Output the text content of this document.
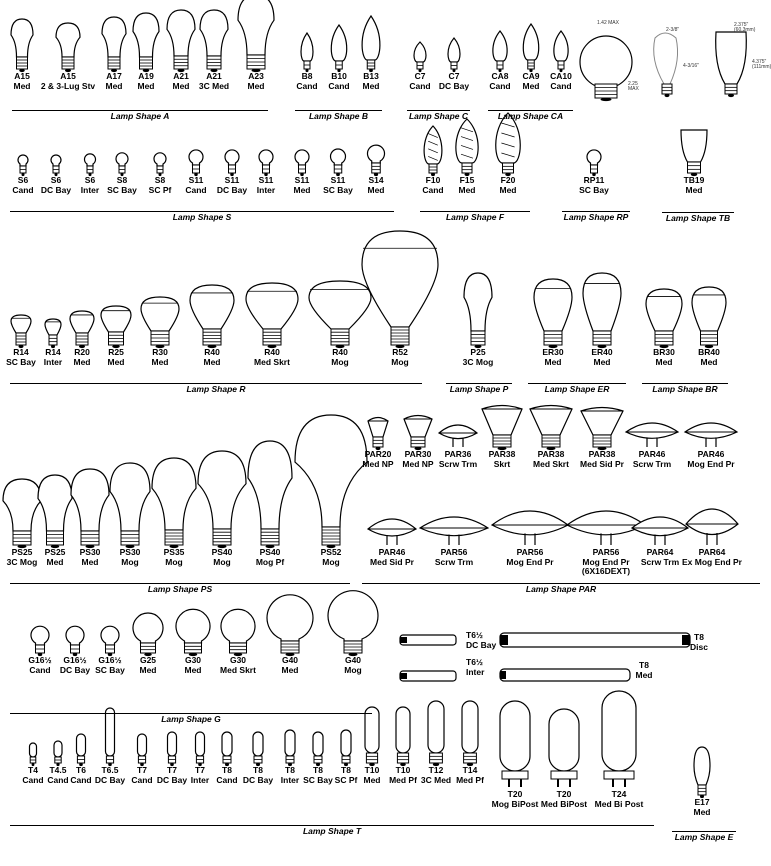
A15
Med
A15
2 & 3-Lug Stv
A17
Med
A19
Med
A21
Med
A21
3C Med
A23
Med
B8
Cand
B10
Cand
B13
Med
C7
Cand
C7
DC Bay
CA8
Cand
CA9
Med
CA10
Cand
S6
Cand
S6
DC Bay
S6
Inter
S8
SC Bay
S8
SC Pf
S11
Cand
S11
DC Bay
S11
Inter
S11
Med
S11
SC Bay
S14
Med
F10
Cand
F15
Med
F20
Med
RP11
SC Bay
TB19
Med
R14
SC Bay
R14
Inter
R20
Med
R25
Med
R30
Med
R40
Med
R40
Med Skrt
R40
Mog
R52
Mog
P25
3C Mog
ER30
Med
ER40
Med
BR30
Med
BR40
Med
PS25
3C Mog
PS25
Med
PS30
Med
PS30
Mog
PS35
Mog
PS40
Mog
PS40
Mog Pf
PS52
Mog
PAR20
Med NP
PAR30
Med NP
PAR36
Scrw Trm
PAR38
Skrt
PAR38
Med Skrt
PAR38
Med Sid Pr
PAR46
Scrw Trm
PAR46
Mog End Pr
PAR46
Med Sid Pr
PAR56
Scrw Trm
PAR56
Mog End Pr
PAR56
Mog End Pr
(6X16DEXT)
PAR64
Scrw Trm
PAR64
Ex Mog End Pr
G16½
Cand
G16½
DC Bay
G16½
SC Bay
G25
Med
G30
Med
G30
Med Skrt
G40
Med
G40
Mog
T6½
DC Bay
T6½
Inter
T8
Disc
T8
Med
T4
Cand
T4.5
Cand
T6
Cand
T6.5
DC Bay
T7
Cand
T7
DC Bay
T7
Inter
T8
Cand
T8
DC Bay
T8
Inter
T8
SC Bay
T8
SC Pf
T10
Med
T10
Med Pf
T12
3C Med
T14
Med Pf
T20
Mog BiPost
T20
Med BiPost
T24
Med Bi Post	E17
Med
Lamp Shape A	Lamp Shape B	Lamp Shape C	Lamp Shape CA
Lamp Shape S	Lamp Shape F	Lamp Shape RP	Lamp Shape TB
Lamp Shape R	Lamp Shape P	Lamp Shape ER	Lamp Shape BR
Lamp Shape PS	Lamp Shape PAR
Lamp Shape G
Lamp Shape T
Lamp Shape E
1.42 MAX
2.25 MAX
2-3/8"
4-3/16"
2.375" (60.3mm)
4.375" (111mm)
